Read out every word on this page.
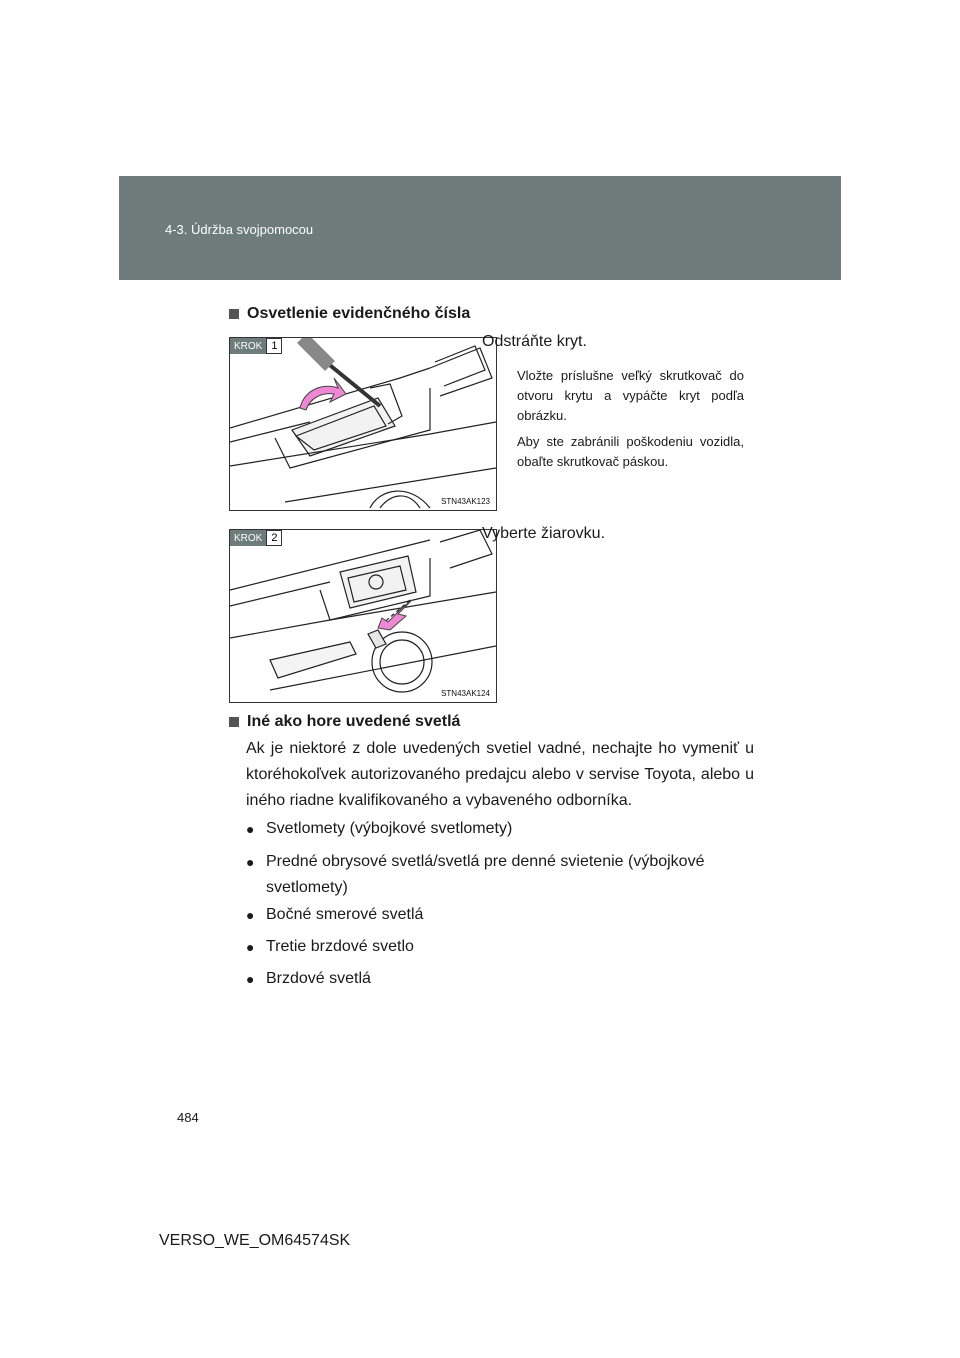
4-3. Údržba svojpomocou
Osvetlenie evidenčného čísla
KROK 1
STN43AK123
Odstráňte kryt.
Vložte príslušne veľký skrutkovač do otvoru krytu a vypáčte kryt podľa obrázku.
Aby ste zabránili poškodeniu vozidla, obaľte skrutkovač páskou.
KROK 2
STN43AK124
Vyberte žiarovku.
Iné ako hore uvedené svetlá
Ak je niektoré z dole uvedených svetiel vadné, nechajte ho vymeniť u ktoréhokoľvek autorizovaného predajcu alebo v servise Toyota, alebo u iného riadne kvalifikovaného a vybaveného odborníka.
● Svetlomety (výbojkové svetlomety)
● Predné obrysové svetlá/svetlá pre denné svietenie (výbojkové svetlomety)
● Bočné smerové svetlá
● Tretie brzdové svetlo
● Brzdové svetlá
484
VERSO_WE_OM64574SK
